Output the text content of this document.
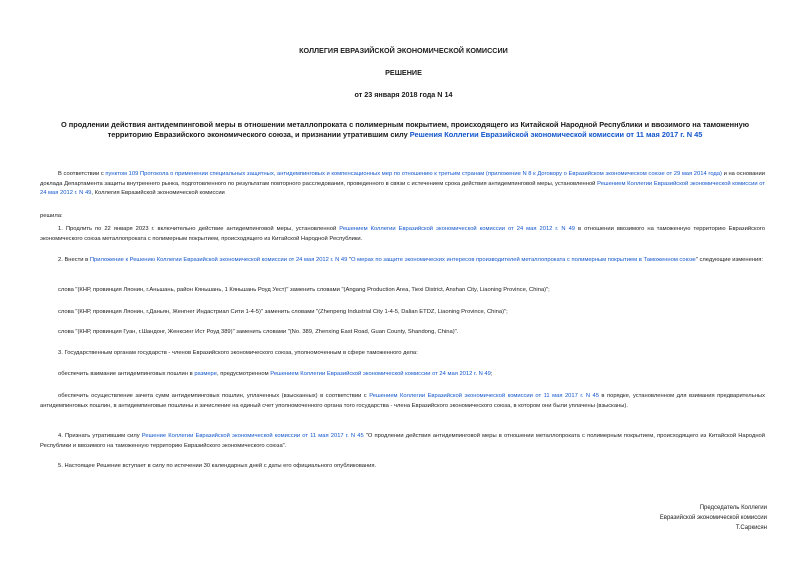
КОЛЛЕГИЯ ЕВРАЗИЙСКОЙ ЭКОНОМИЧЕСКОЙ КОМИССИИ
РЕШЕНИЕ
от 23 января 2018 года N 14
О продлении действия антидемпинговой меры в отношении металлопроката с полимерным покрытием, происходящего из Китайской Народной Республики и ввозимого на таможенную территорию Евразийского экономического союза, и признании утратившим силу Решения Коллегии Евразийской экономической комиссии от 11 мая 2017 г. N 45
В соответствии с пунктом 109 Протокола о применении специальных защитных, антидемпинговых и компенсационных мер по отношению к третьим странам (приложение N 8 к Договору о Евразийском экономическом союзе от 29 мая 2014 года) и на основании доклада Департамента защиты внутреннего рынка, подготовленного по результатам повторного расследования, проведенного в связи с истечением срока действия антидемпинговой меры, установленной Решением Коллегии Евразийской экономической комиссии от 24 мая 2012 г. N 49, Коллегия Евразийской экономической комиссии
решила:
1. Продлить по 22 января 2023 г. включительно действие антидемпинговой меры, установленной Решением Коллегии Евразийской экономической комиссии от 24 мая 2012 г. N 49 в отношении ввозимого на таможенную территорию Евразийского экономического союза металлопроката с полимерным покрытием, происходящего из Китайской Народной Республики.
2. Внести в Приложение к Решению Коллегии Евразийской экономической комиссии от 24 мая 2012 г. N 49 "О мерах по защите экономических интересов производителей металлопроката с полимерным покрытием в Таможенном союзе" следующие изменения:
слова "(КНР, провинция Ляонин, г.Аньшань, район Кяньшань, 1 Кяньшань Роуд Уест)" заменить словами "(Angang Production Area, Tiexi District, Anshan City, Liaoning Province, China)";
слова "(КНР, провинция Ляонин, г.Даньян, Женгнег Индастриал Сити 1-4-5)" заменить словами "(Zhenpeng Industrial City 1-4-5, Dalian ETDZ, Liaoning Province, China)";
слова "(КНР, провинция Гуан, г.Шандонг, Женксинг Ист Роуд 389)" заменить словами "(No. 389, Zhenxing East Road, Guan County, Shandong, China)".
3. Государственным органам государств - членов Евразийского экономического союза, уполномоченным в сфере таможенного дела:
обеспечить взимание антидемпинговых пошлин в размере, предусмотренном Решением Коллегии Евразийской экономической комиссии от 24 мая 2012 г. N 49;
обеспечить осуществление зачета сумм антидемпинговых пошлин, уплаченных (взысканных) в соответствии с Решением Коллегии Евразийской экономической комиссии от 11 мая 2017 г. N 45 в порядке, установленном для взимания предварительных антидемпинговых пошлин, в антидемпинговые пошлины и зачисление на единый счет уполномоченного органа того государства - члена Евразийского экономического союза, в котором они были уплачены (взысканы).
4. Признать утратившим силу Решение Коллегии Евразийской экономической комиссии от 11 мая 2017 г. N 45 "О продлении действия антидемпинговой меры в отношении металлопроката с полимерным покрытием, происходящего из Китайской Народной Республики и ввозимого на таможенную территорию Евразийского экономического союза".
5. Настоящее Решение вступает в силу по истечении 30 календарных дней с даты его официального опубликования.
Председатель Коллегии
Евразийской экономической комиссии
Т.Саркисян
